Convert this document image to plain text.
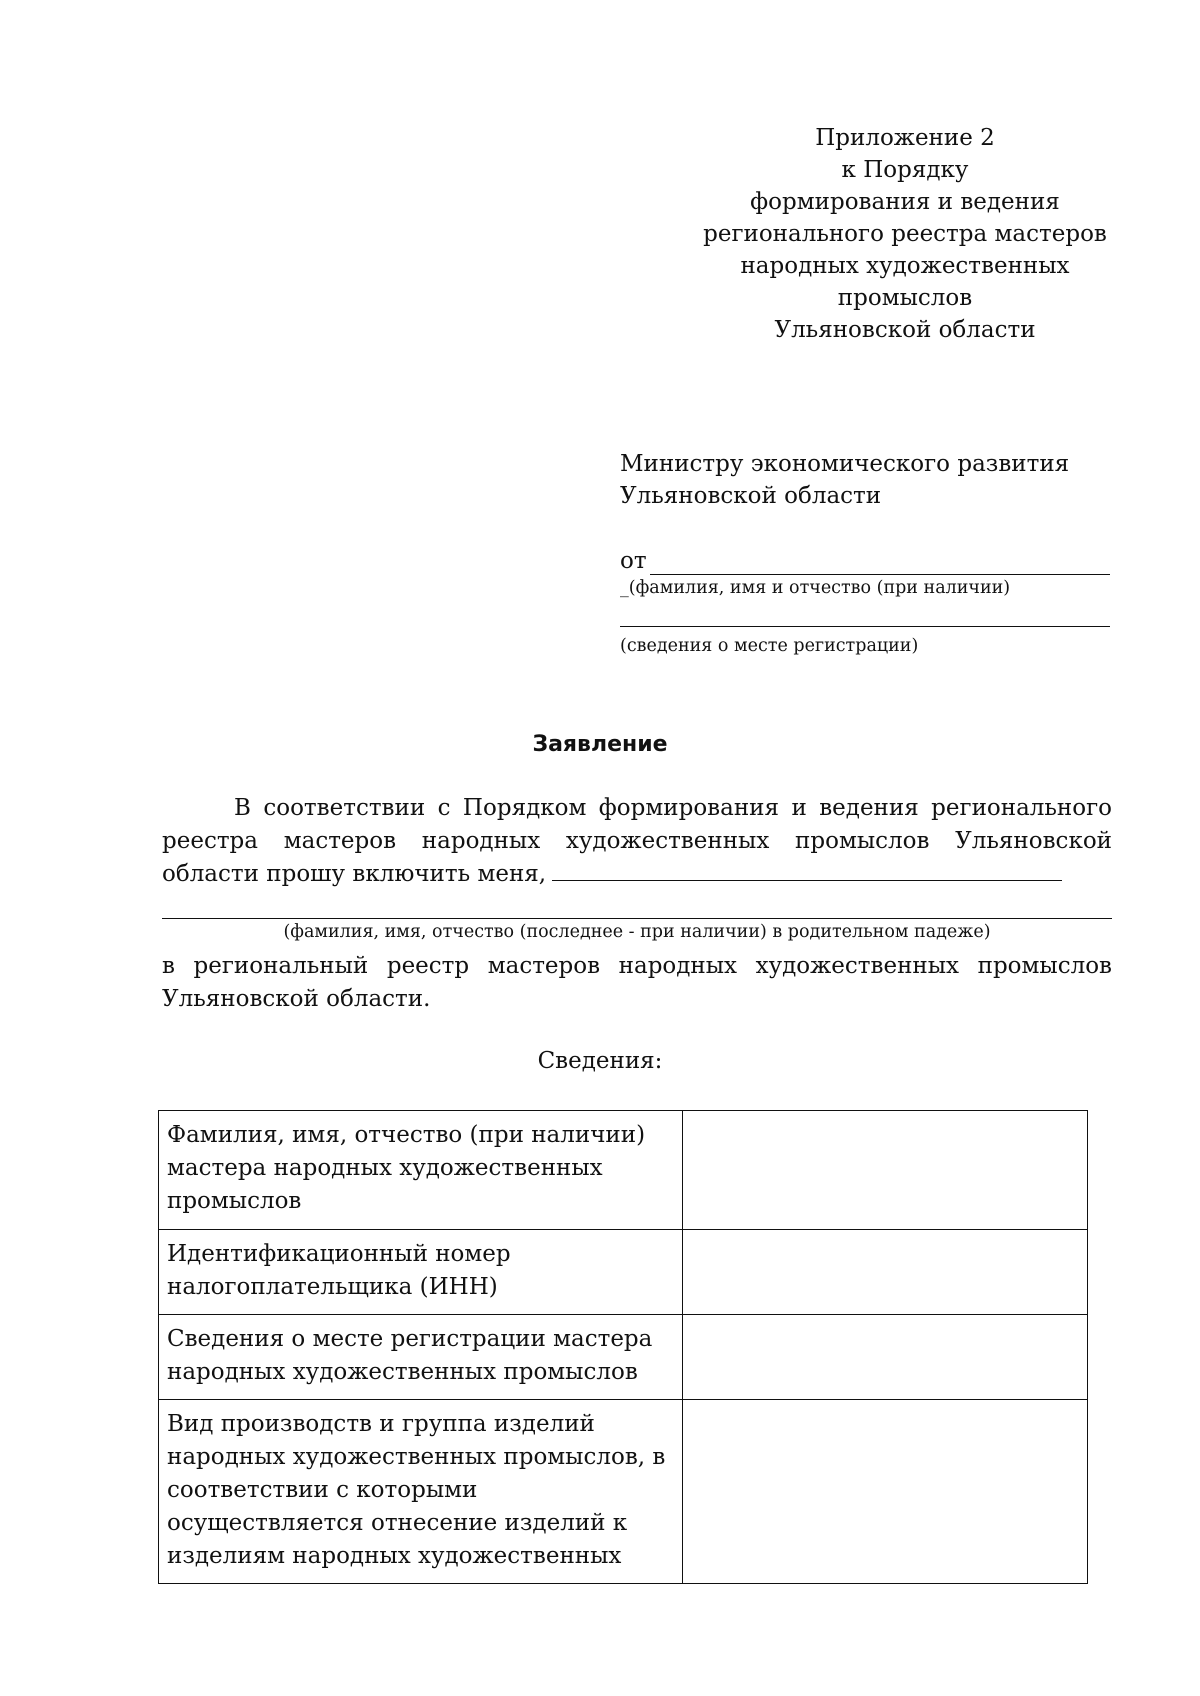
Приложение 2
к Порядку
формирования и ведения
регионального реестра мастеров
народных художественных
промыслов
Ульяновской области
Министру экономического развития
Ульяновской области
от
_(фамилия, имя и отчество (при наличии)
(сведения о месте регистрации)
Заявление
В соответствии с Порядком формирования и ведения регионального
реестра мастеров народных художественных промыслов Ульяновской
области прошу включить меня,
(фамилия, имя, отчество (последнее - при наличии) в родительном падеже)
в региональный реестр мастеров народных художественных промыслов
Ульяновской области.
Сведения:
Фамилия, имя, отчество (при наличии)
мастера народных художественных
промыслов	

Идентификационный номер
налогоплательщика (ИНН)	

Сведения о месте регистрации мастера
народных художественных промыслов	

Вид производств и группа изделий
народных художественных промыслов, в
соответствии с которыми
осуществляется отнесение изделий к
изделиям народных художественных	
